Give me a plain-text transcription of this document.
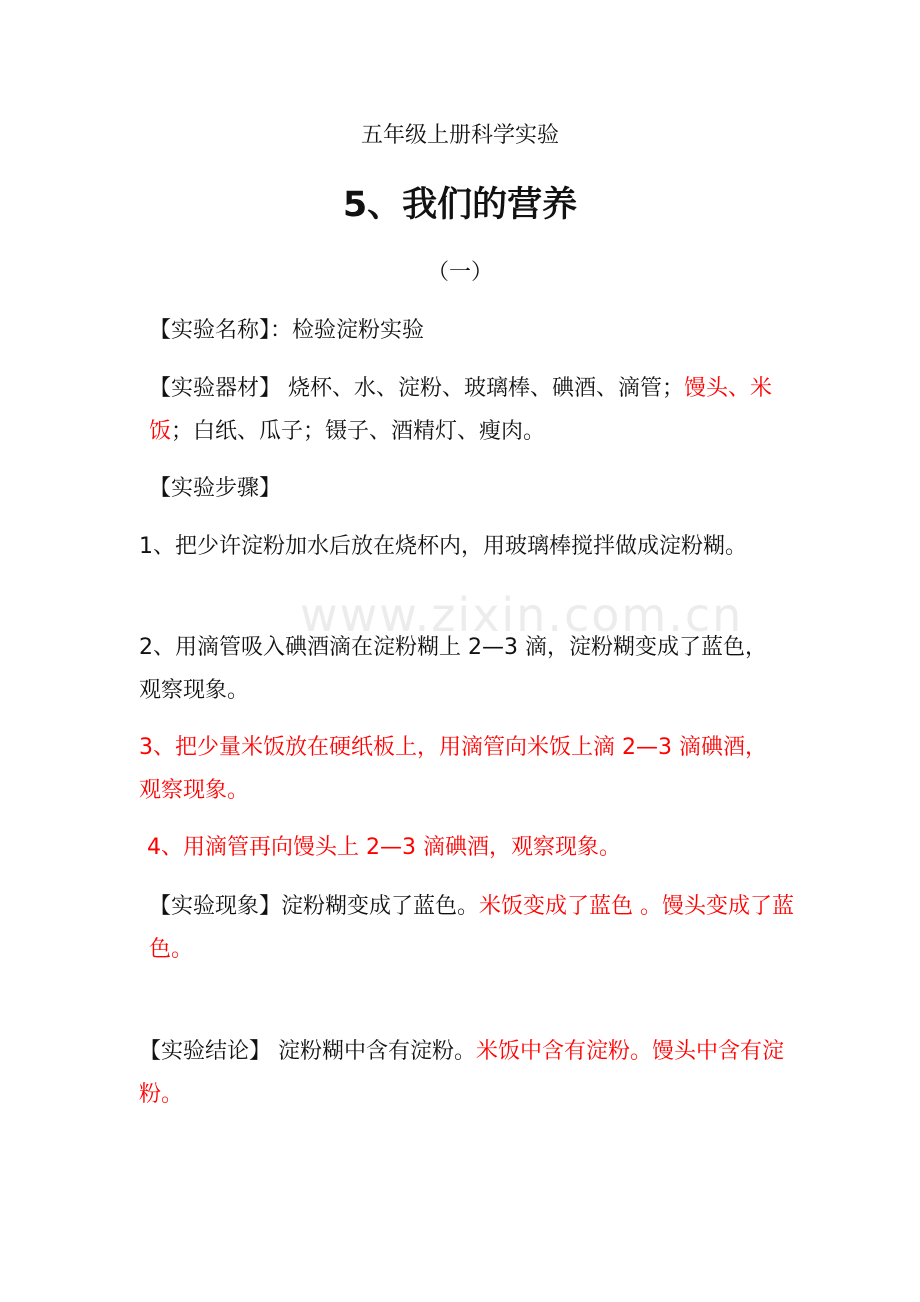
www.zixin.com.cn
五年级上册科学实验
5、我们的营养
（一）

【实验名称】：检验淀粉实验

【实验器材】 烧杯、水、淀粉、玻璃棒、碘酒、滴管；馒头、米饭；白纸、瓜子；镊子、酒精灯、瘦肉。

【实验步骤】

1、把少许淀粉加水后放在烧杯内，用玻璃棒搅拌做成淀粉糊。

2、用滴管吸入碘酒滴在淀粉糊上 2—3 滴，淀粉糊变成了蓝色，观察现象。

3、把少量米饭放在硬纸板上，用滴管向米饭上滴 2—3 滴碘酒，观察现象。

4、用滴管再向馒头上 2—3 滴碘酒，观察现象。

【实验现象】淀粉糊变成了蓝色。米饭变成了蓝色 。馒头变成了蓝色。

【实验结论】 淀粉糊中含有淀粉。米饭中含有淀粉。馒头中含有淀粉。
